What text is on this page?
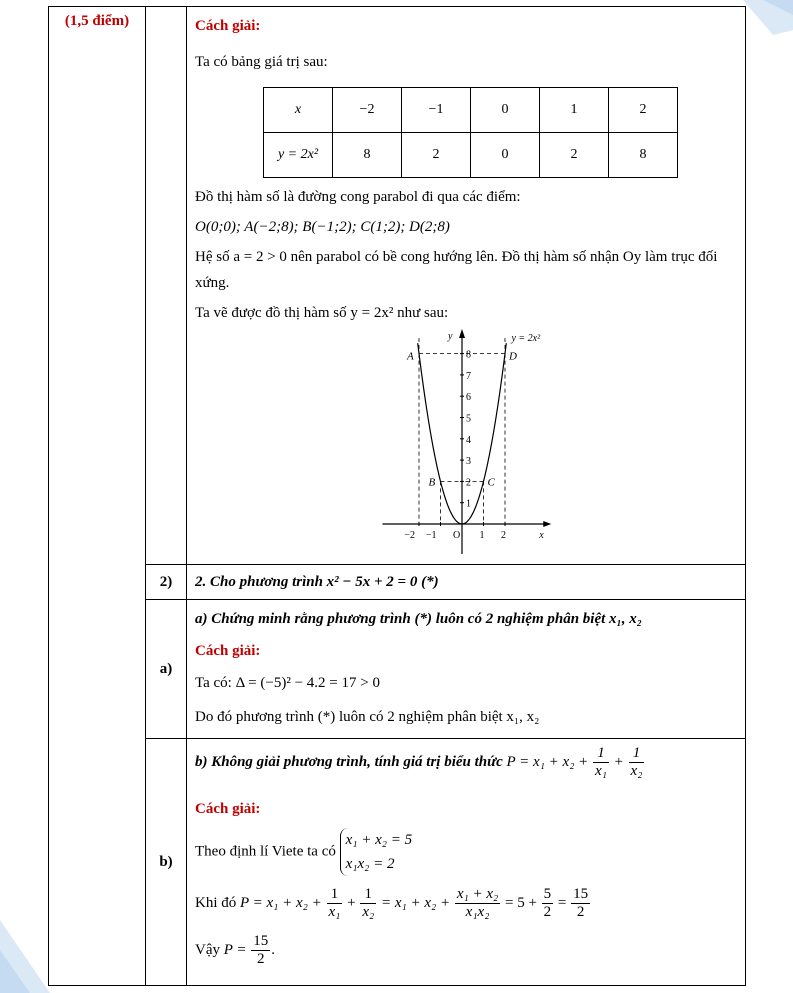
(1,5 điểm)		Cách giải:

Ta có bảng giá trị sau:

x	−2	−1	0	1	2
y = 2x²	8	2	0	2	8

Đồ thị hàm số là đường cong parabol đi qua các điểm:

O(0;0); A(−2;8); B(−1;2); C(1;2); D(2;8)

Hệ số a = 2 > 0 nên parabol có bề cong hướng lên. Đồ thị hàm số nhận Oy làm trục đối xứng.

Ta vẽ được đồ thị hàm số y = 2x² như sau:

1
2
3
4
5
6
7
8
−2 −1 O 1 2
A
B	C
D
y
x
y = 2x²

2)	2. Cho phương trình x² − 5x + 2 = 0 (*)

a)	

a) Chứng minh rằng phương trình (*) luôn có 2 nghiệm phân biệt x₁, x₂

Cách giải:

Ta có: Δ = (−5)² − 4.2 = 17 > 0

Do đó phương trình (*) luôn có 2 nghiệm phân biệt x₁, x₂

b)	

b) Không giải phương trình, tính giá trị biểu thức $P = x_1 + x_2 + \frac{1}{\text{x₁}} + \frac{1}{\text{x₂}}$

Cách giải:

Theo định lí Viete ta có x₁ + x₂ = 5
x₁x₂ = 2

Khi đó $P = x_1 + x_2 + \frac{1}{\text{x₁}} + \frac{1}{\text{x₂}} = x_1 + x_2 + \frac{\text{x₁ + x₂}}{\text{x₁x₂}} = 5 + \frac{5}{2} = \frac{15}{2}$

Vậy $P = \frac{15}{2}$ .
